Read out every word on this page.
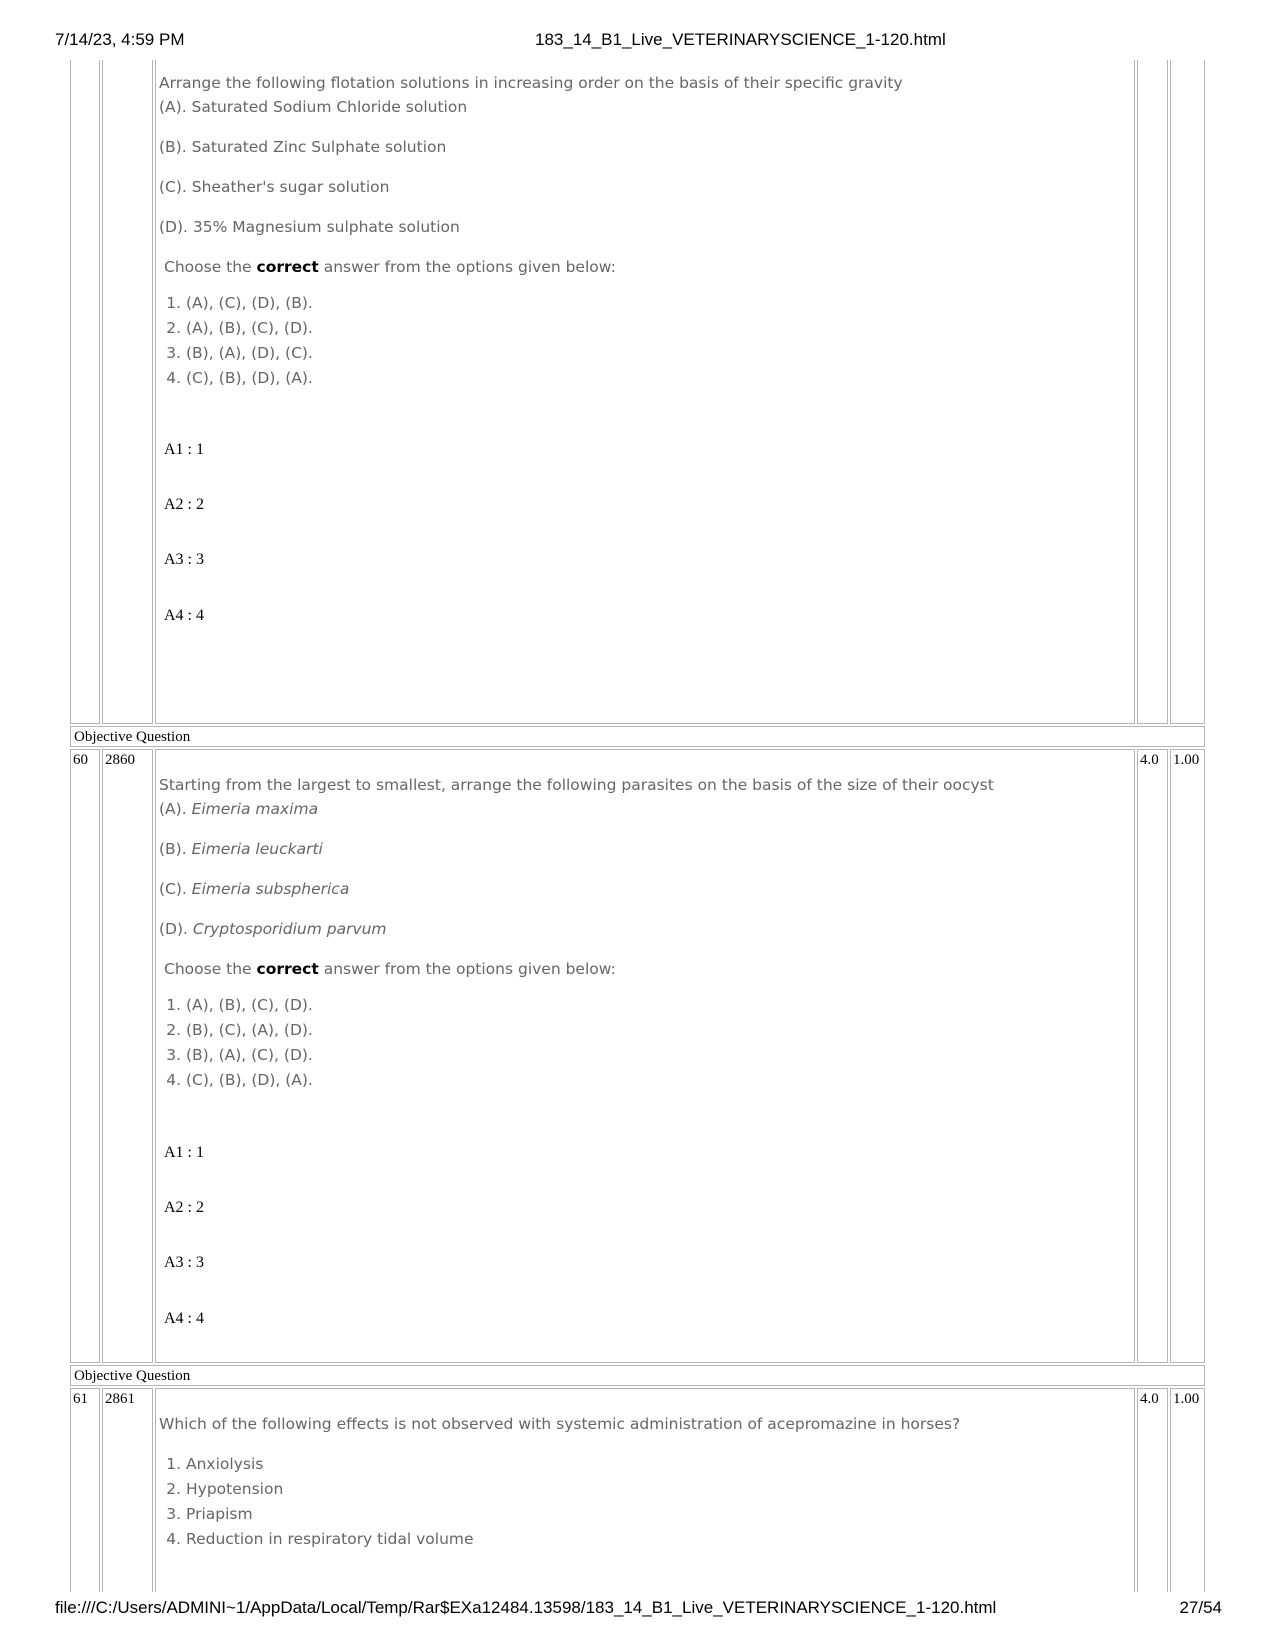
7/14/23, 4:59 PM	183_14_B1_Live_VETERINARYSCIENCE_1-120.html
Arrange the following flotation solutions in increasing order on the basis of their specific gravity
(A). Saturated Sodium Chloride solution
(B). Saturated Zinc Sulphate solution
(C). Sheather's sugar solution
(D). 35% Magnesium sulphate solution
Choose the correct answer from the options given below:
1. (A), (C), (D), (B).
2. (A), (B), (C), (D).
3. (B), (A), (D), (C).
4. (C), (B), (D), (A).
A1 : 1
A2 : 2
A3 : 3
A4 : 4
Objective Question
60 2860
Starting from the largest to smallest, arrange the following parasites on the basis of the size of their oocyst
(A). Eimeria maxima
(B). Eimeria leuckarti
(C). Eimeria subspherica
(D). Cryptosporidium parvum
Choose the correct answer from the options given below:
1. (A), (B), (C), (D).
2. (B), (C), (A), (D).
3. (B), (A), (C), (D).
4. (C), (B), (D), (A).
A1 : 1
A2 : 2
A3 : 3
A4 : 4
4.0 1.00
Objective Question
61 2861
Which of the following effects is not observed with systemic administration of acepromazine in horses?
1. Anxiolysis
2. Hypotension
3. Priapism
4. Reduction in respiratory tidal volume
4.0 1.00
file:///C:/Users/ADMINI~1/AppData/Local/Temp/Rar$EXa12484.13598/183_14_B1_Live_VETERINARYSCIENCE_1-120.html	27/54
